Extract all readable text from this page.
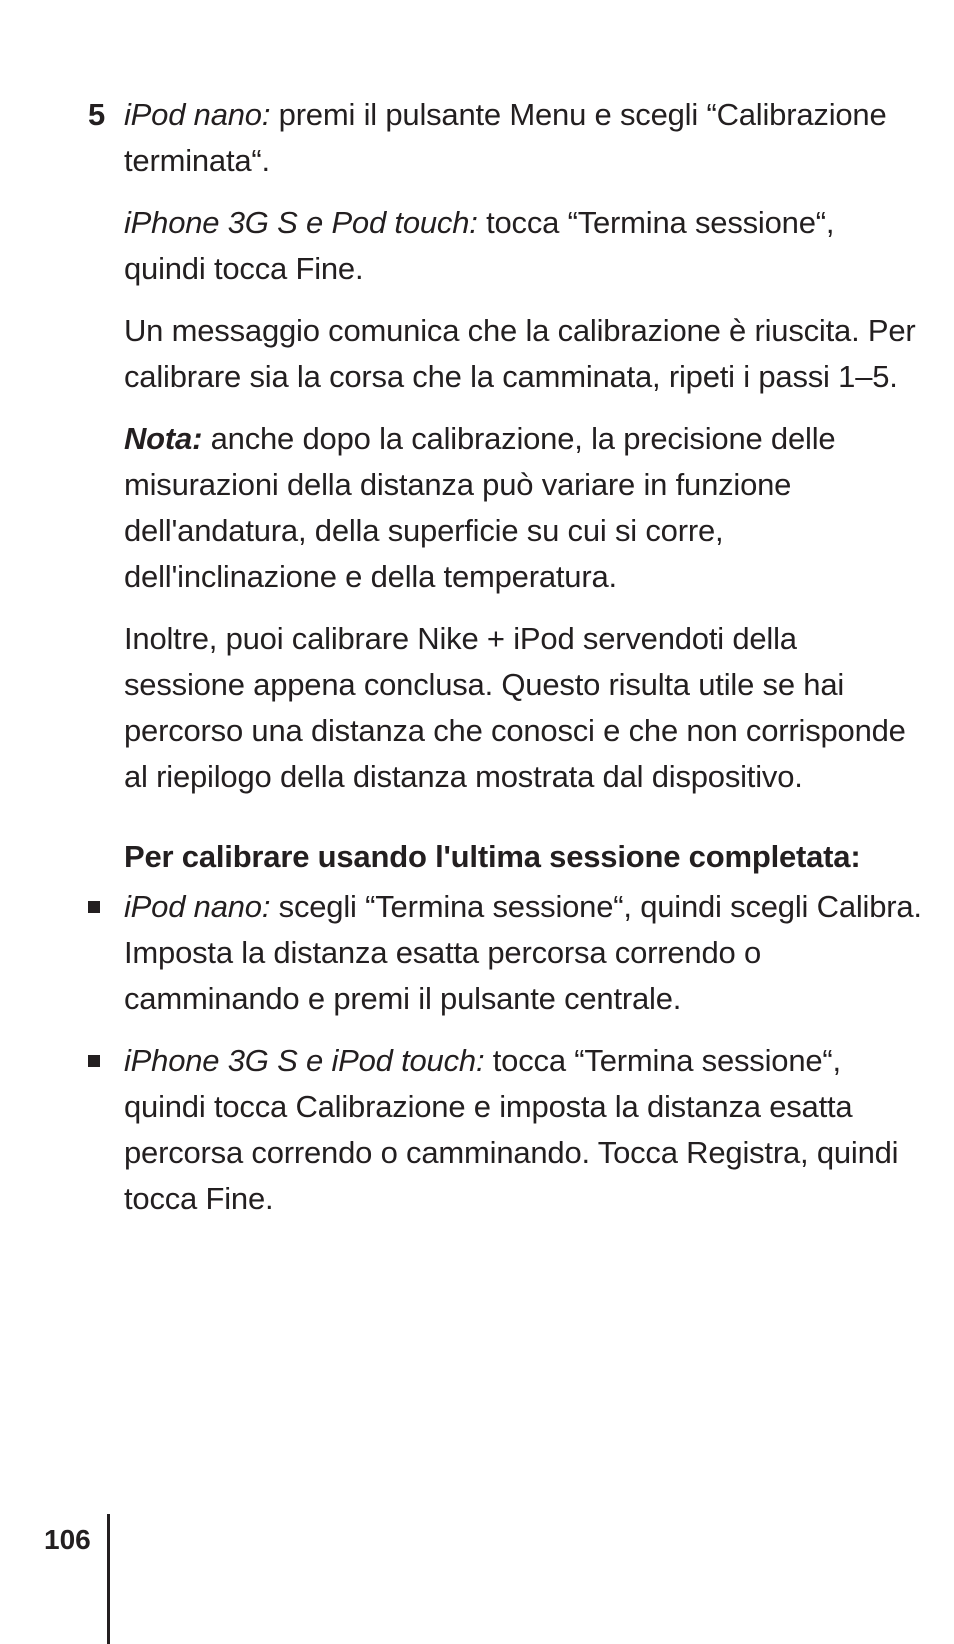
5 iPod nano: premi il pulsante Menu e scegli “Calibrazione terminata“.

iPhone 3G S e Pod touch: tocca “Termina sessione“, quindi tocca Fine.

Un messaggio comunica che la calibrazione è riuscita. Per calibrare sia la corsa che la camminata, ripeti i passi 1–5.

Nota: anche dopo la calibrazione, la precisione delle misurazioni della distanza può variare in funzione dell'andatura, della superficie su cui si corre, dell'inclinazione e della temperatura.

Inoltre, puoi calibrare Nike + iPod servendoti della sessione appena conclusa. Questo risulta utile se hai percorso una distanza che conosci e che non corrisponde al riepilogo della distanza mostrata dal dispositivo.

Per calibrare usando l'ultima sessione completata:
iPod nano: scegli “Termina sessione“, quindi scegli Calibra. Imposta la distanza esatta percorsa correndo o camminando e premi il pulsante centrale.
iPhone 3G S e iPod touch: tocca “Termina sessione“, quindi tocca Calibrazione e imposta la distanza esatta percorsa correndo o camminando. Tocca Registra, quindi tocca Fine.
106
